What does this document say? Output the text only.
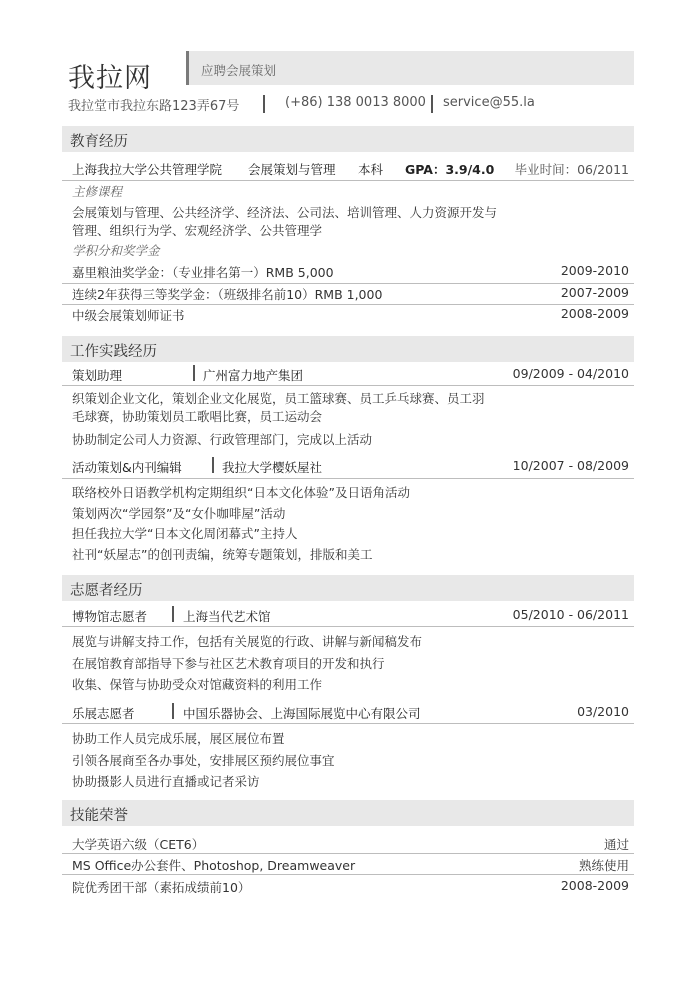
我拉网	应聘会展策划
我拉堂市我拉东路123弄67号	(+86) 138 0013 8000 service@55.la
教育经历
上海我拉大学公共管理学院 会展策划与管理 本科 GPA：3.9/4.0 毕业时间：06/2011
主修课程
会展策划与管理、公共经济学、经济法、公司法、培训管理、人力资源开发与
管理、组织行为学、宏观经济学、公共管理学
学积分和奖学金
嘉里粮油奖学金：（专业排名第一）RMB 5,000	2009-2010
连续2年获得三等奖学金：（班级排名前10）RMB 1,000	2007-2009
中级会展策划师证书	2008-2009
工作实践经历
策划助理	广州富力地产集团	09/2009 - 04/2010
织策划企业文化，策划企业文化展览，员工篮球赛、员工乒乓球赛、员工羽
毛球赛，协助策划员工歌唱比赛，员工运动会
协助制定公司人力资源、行政管理部门，完成以上活动
活动策划&内刊编辑	我拉大学樱妖屋社	10/2007 - 08/2009
联络校外日语教学机构定期组织“日本文化体验”及日语角活动
策划两次“学园祭”及“女仆咖啡屋”活动
担任我拉大学“日本文化周闭幕式”主持人
社刊“妖屋志”的创刊责编，统筹专题策划，排版和美工
志愿者经历
博物馆志愿者	上海当代艺术馆	05/2010 - 06/2011
展览与讲解支持工作，包括有关展览的行政、讲解与新闻稿发布
在展馆教育部指导下参与社区艺术教育项目的开发和执行
收集、保管与协助受众对馆藏资料的利用工作
乐展志愿者	中国乐器协会、上海国际展览中心有限公司	03/2010
协助工作人员完成乐展，展区展位布置
引领各展商至各办事处，安排展区预约展位事宜
协助摄影人员进行直播或记者采访
技能荣誉
大学英语六级（CET6）	通过
MS Office办公套件、Photoshop, Dreamweaver	熟练使用
院优秀团干部（素拓成绩前10）	2008-2009
